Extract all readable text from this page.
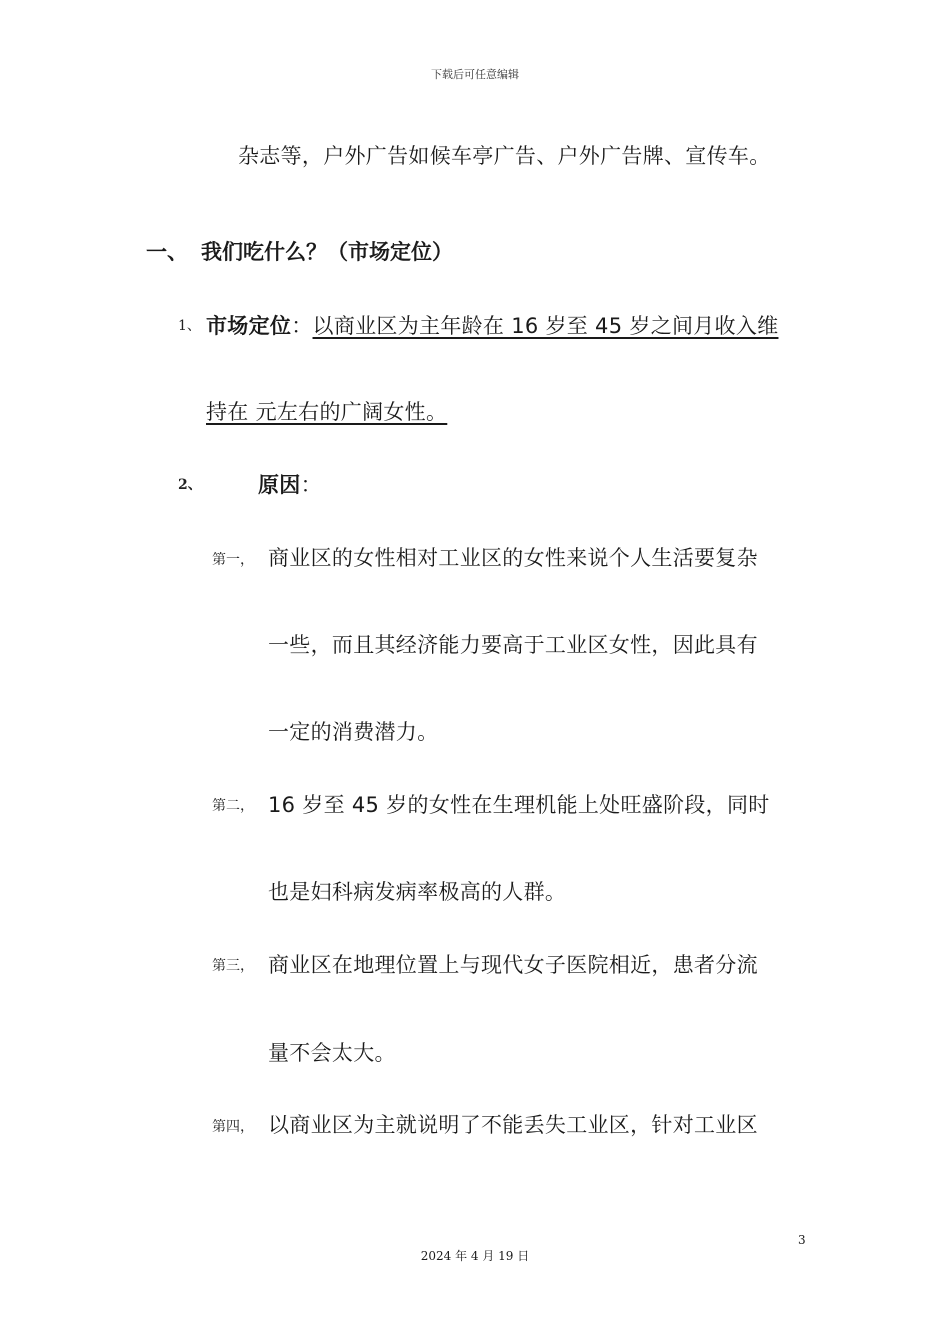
下载后可任意编辑
杂志等，户外广告如候车亭广告、户外广告牌、宣传车。
一、 我们吃什么？（市场定位）
1、 市场定位：以商业区为主年龄在 16 岁至 45 岁之间月收入维
持在 元左右的广阔女性。
2、	原因：
第一， 商业区的女性相对工业区的女性来说个人生活要复杂
一些，而且其经济能力要高于工业区女性，因此具有
一定的消费潜力。
第二， 16 岁至 45 岁的女性在生理机能上处旺盛阶段，同时
也是妇科病发病率极高的人群。
第三， 商业区在地理位置上与现代女子医院相近，患者分流
量不会太大。
第四， 以商业区为主就说明了不能丢失工业区，针对工业区
3
2024 年 4 月 19 日
